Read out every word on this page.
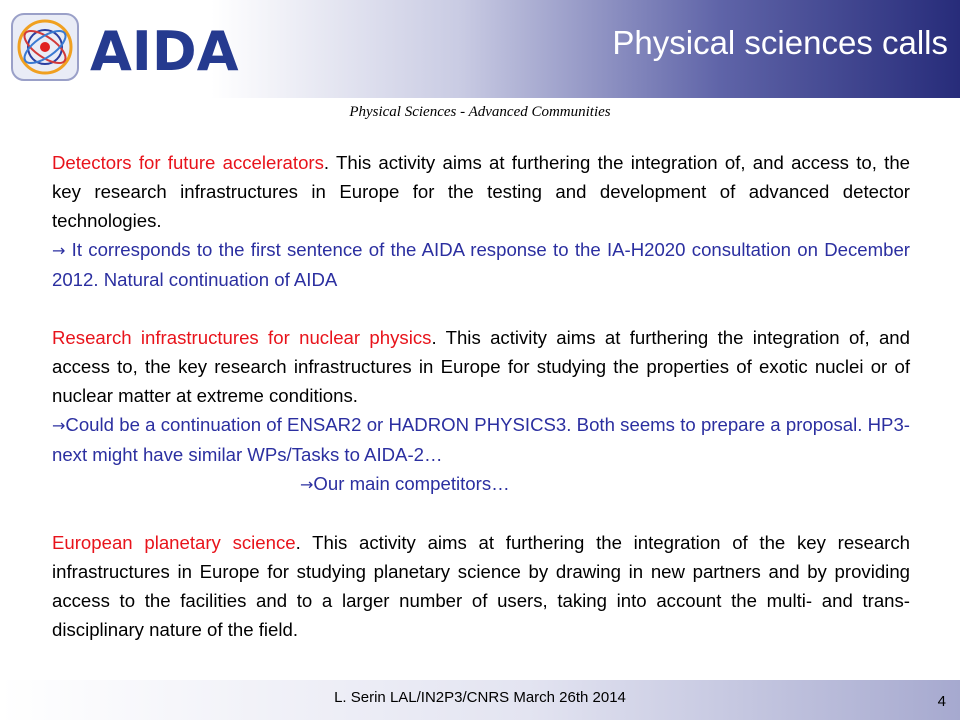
AIDA	Physical sciences calls
Physical Sciences - Advanced Communities

Detectors for future accelerators. This activity aims at furthering the integration of, and access to, the key research infrastructures in Europe for the testing and development of advanced detector technologies.

→ It corresponds to the first sentence of the AIDA response to the IA-H2020 consultation on December 2012. Natural continuation of AIDA

Research infrastructures for nuclear physics. This activity aims at furthering the integration of, and access to, the key research infrastructures in Europe for studying the properties of exotic nuclei or of nuclear matter at extreme conditions.

→Could be a continuation of ENSAR2 or HADRON PHYSICS3. Both seems to prepare a proposal. HP3-next might have similar WPs/Tasks to AIDA-2…

→Our main competitors…

European planetary science. This activity aims at furthering the integration of the key research infrastructures in Europe for studying planetary science by drawing in new partners and by providing access to the facilities and to a larger number of users, taking into account the multi- and trans-disciplinary nature of the field.

L. Serin LAL/IN2P3/CNRS March 26th 2014	4
